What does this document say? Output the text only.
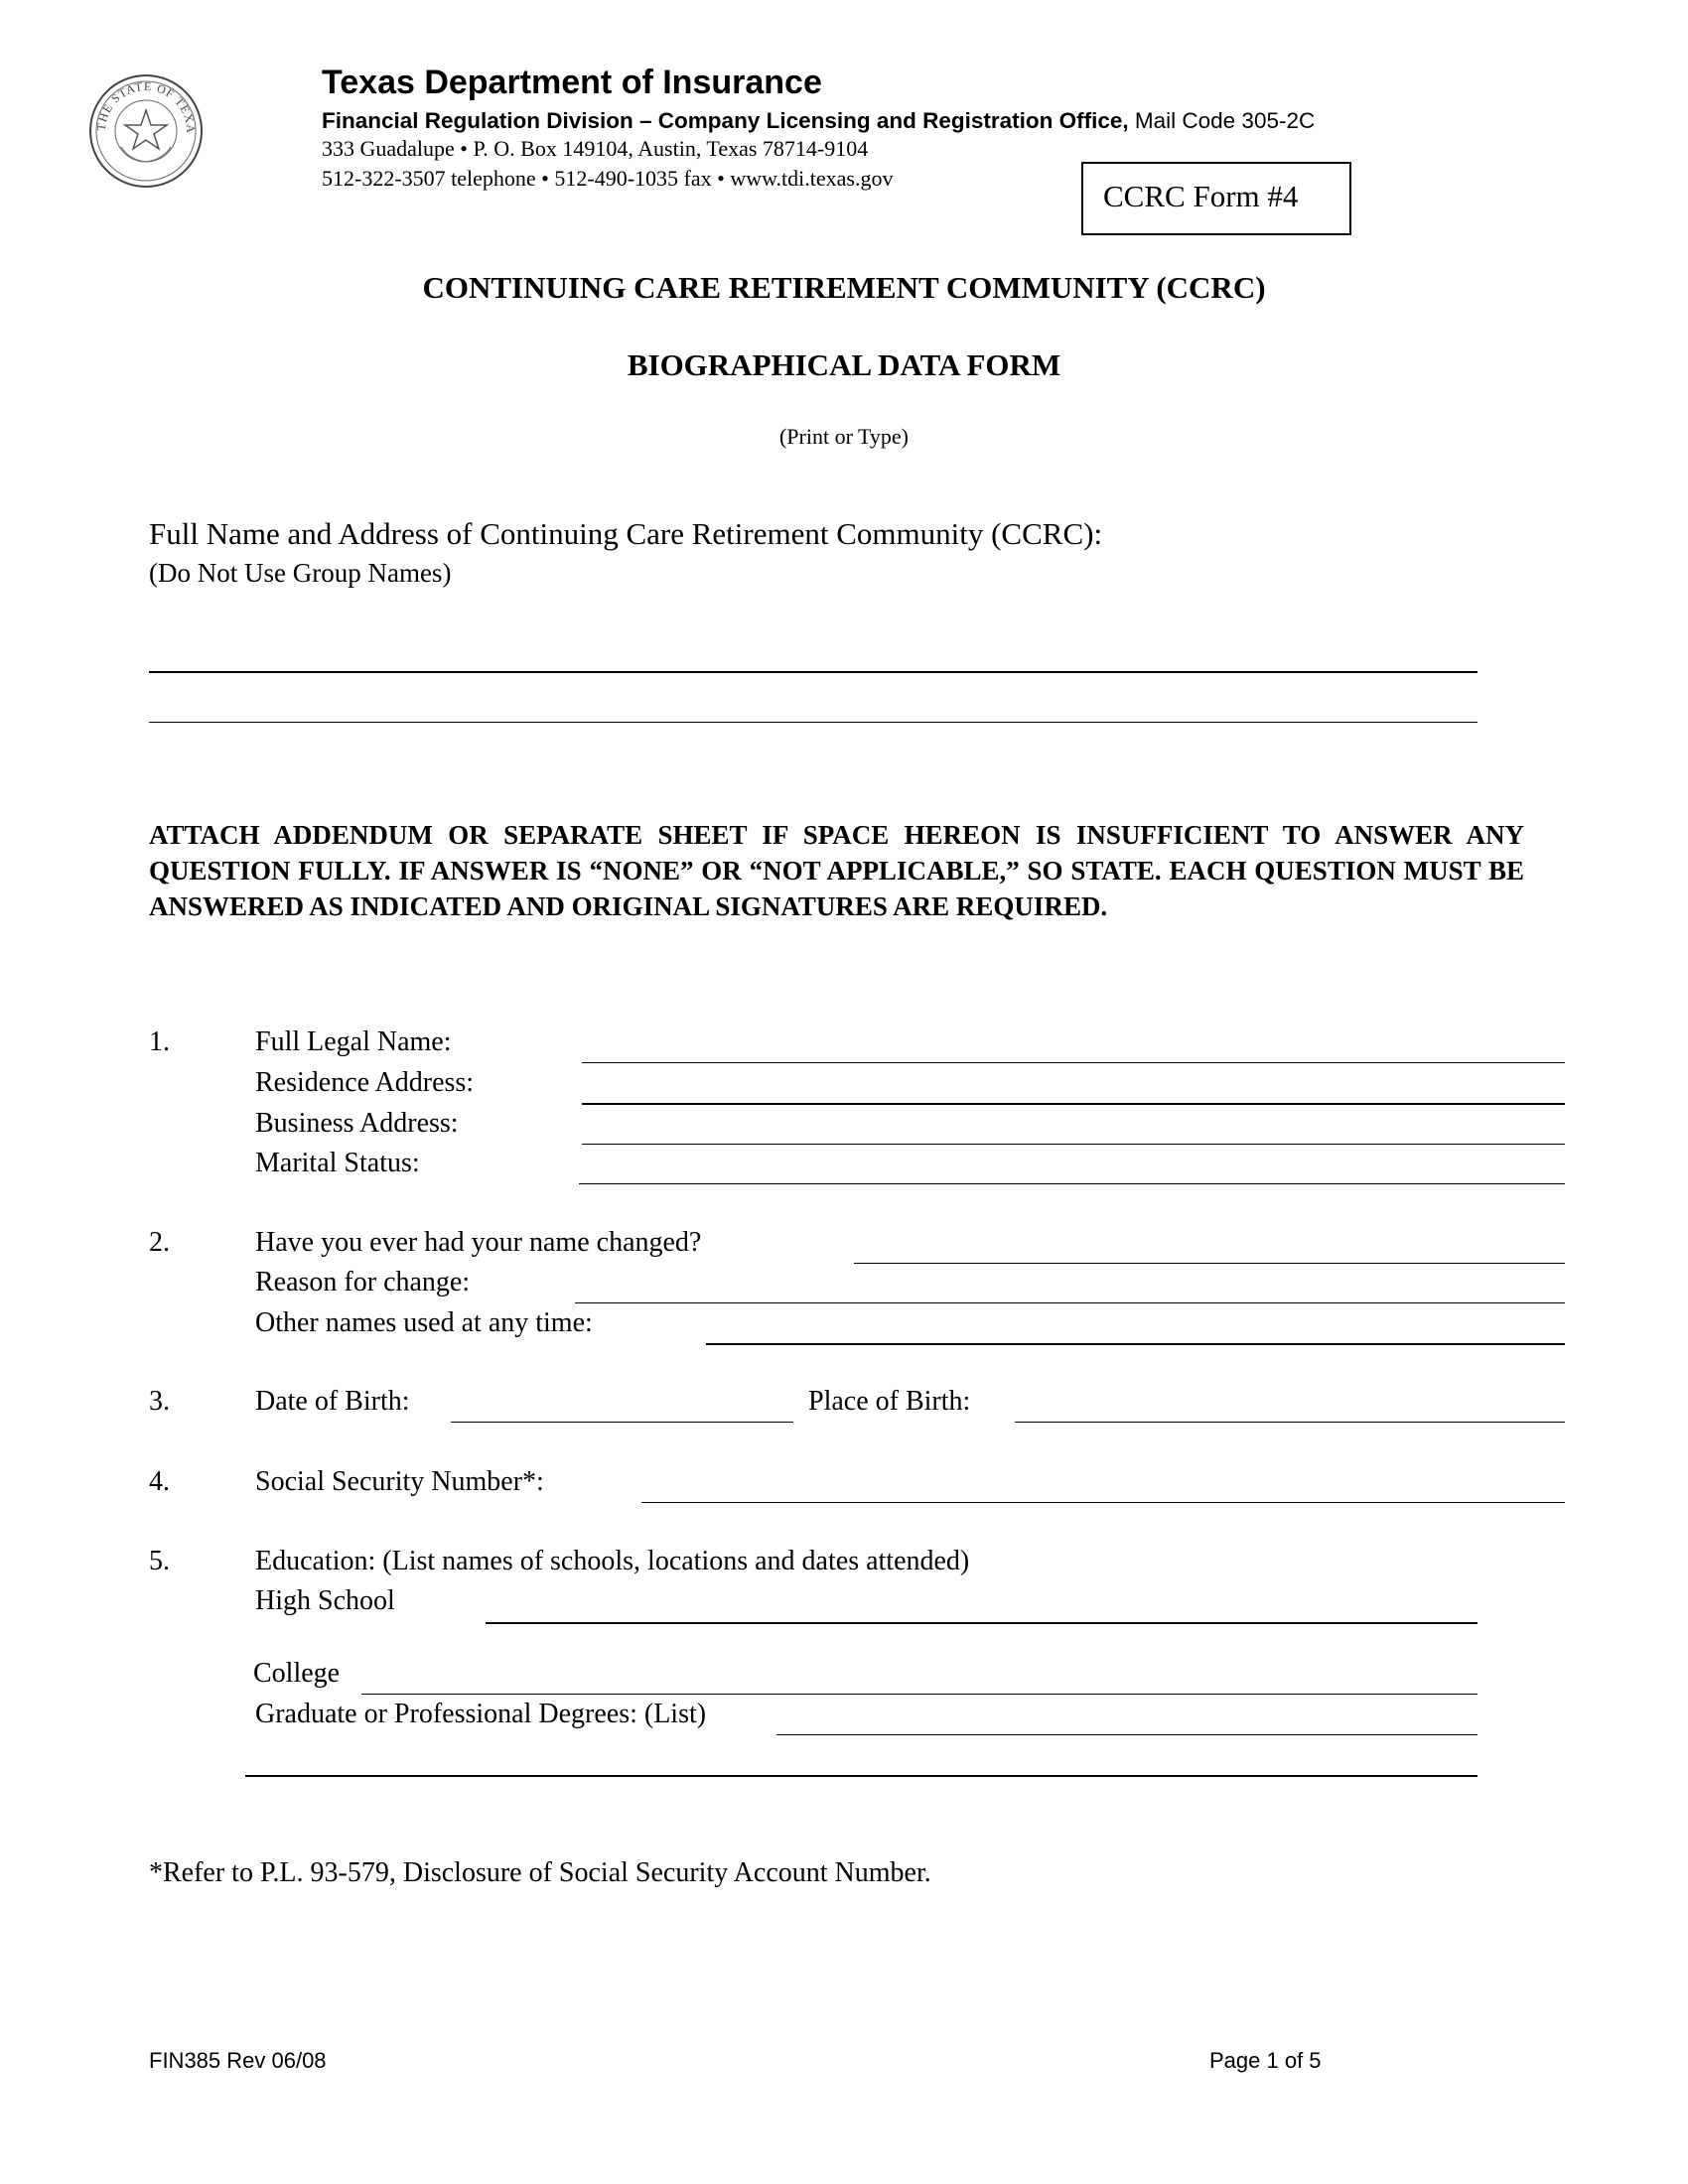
THE STATE OF TEXA
Texas Department of Insurance
Financial Regulation Division – Company Licensing and Registration Office, Mail Code 305-2C
333 Guadalupe • P. O. Box 149104, Austin, Texas 78714-9104
512-322-3507 telephone • 512-490-1035 fax • www.tdi.texas.gov
CCRC Form #4
CONTINUING CARE RETIREMENT COMMUNITY (CCRC)
BIOGRAPHICAL DATA FORM
(Print or Type)
Full Name and Address of Continuing Care Retirement Community (CCRC):
(Do Not Use Group Names)
ATTACH ADDENDUM OR SEPARATE SHEET IF SPACE HEREON IS INSUFFICIENT TO ANSWER ANY QUESTION FULLY. IF ANSWER IS “NONE” OR “NOT APPLICABLE,” SO STATE. EACH QUESTION MUST BE ANSWERED AS INDICATED AND ORIGINAL SIGNATURES ARE REQUIRED.
1.	Full Legal Name:
Residence Address:
Business Address:
Marital Status:
2.	Have you ever had your name changed?
Reason for change:
Other names used at any time:
3.	Date of Birth:	Place of Birth:
4.	Social Security Number*:
5.	Education: (List names of schools, locations and dates attended)
High School
College
Graduate or Professional Degrees: (List)
*Refer to P.L. 93-579, Disclosure of Social Security Account Number.
FIN385 Rev 06/08	Page 1 of 5
